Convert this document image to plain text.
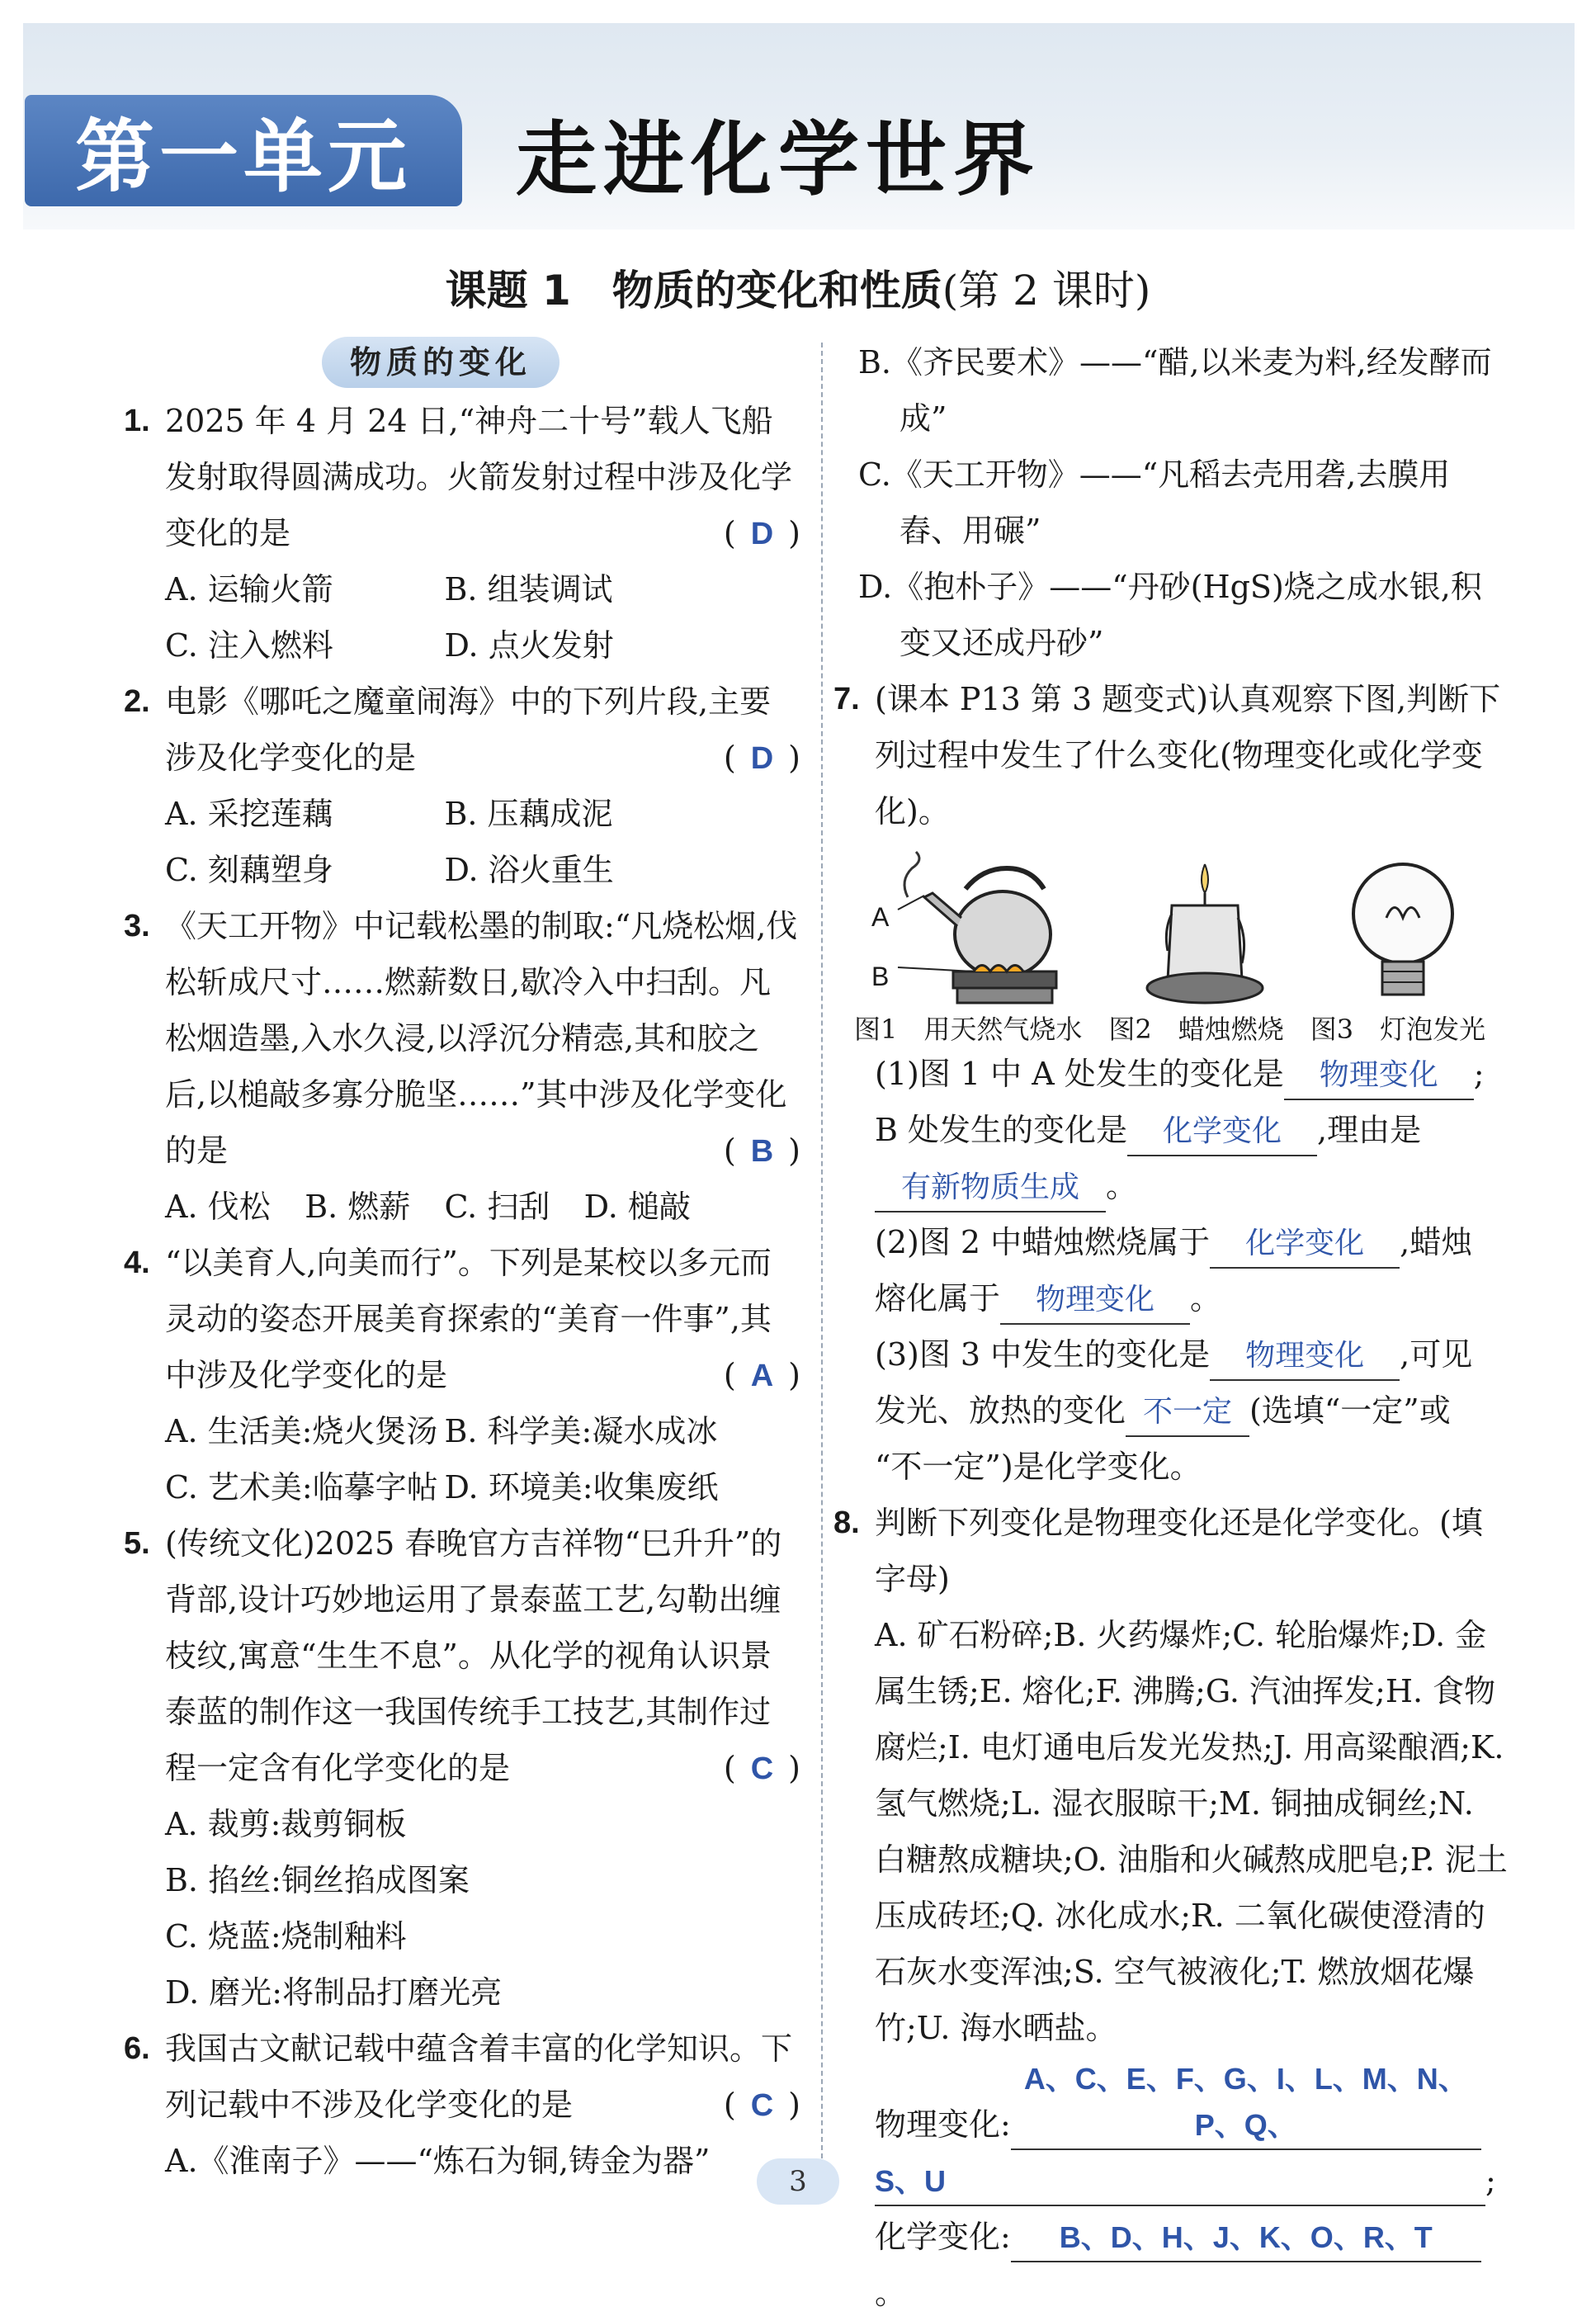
第一单元	走进化学世界
课题 1　物质的变化和性质(第 2 课时)
物质的变化
1. 2025 年 4 月 24 日,“神舟二十号”载人飞船发射取得圆满成功。火箭发射过程中涉及化学变化的是	( D )
A. 运输火箭	B. 组装调试
C. 注入燃料	D. 点火发射
2. 电影《哪吒之魔童闹海》中的下列片段,主要涉及化学变化的是	( D )
A. 采挖莲藕	B. 压藕成泥
C. 刻藕塑身	D. 浴火重生
3. 《天工开物》中记载松墨的制取:“凡烧松烟,伐松斩成尺寸……燃薪数日,歇冷入中扫刮。凡松烟造墨,入水久浸,以浮沉分精悫,其和胶之后,以槌敲多寡分脆坚……”其中涉及化学变化的是	( B )
A. 伐松	B. 燃薪	C. 扫刮	D. 槌敲
4. “以美育人,向美而行”。下列是某校以多元而灵动的姿态开展美育探索的“美育一件事”,其中涉及化学变化的是	( A )
A. 生活美:烧火煲汤 B. 科学美:凝水成冰
C. 艺术美:临摹字帖 D. 环境美:收集废纸
5. (传统文化)2025 春晚官方吉祥物“巳升升”的背部,设计巧妙地运用了景泰蓝工艺,勾勒出缠枝纹,寓意“生生不息”。从化学的视角认识景泰蓝的制作这一我国传统手工技艺,其制作过程一定含有化学变化的是	( C )
A. 裁剪:裁剪铜板
B. 掐丝:铜丝掐成图案
C. 烧蓝:烧制釉料
D. 磨光:将制品打磨光亮
6. 我国古文献记载中蕴含着丰富的化学知识。下列记载中不涉及化学变化的是	( C )
A.《淮南子》——“炼石为铜,铸金为器”
B.《齐民要术》——“醋,以米麦为料,经发酵而成”
C.《天工开物》——“凡稻去壳用砻,去膜用舂、用碾”
D.《抱朴子》——“丹砂(HgS)烧之成水银,积变又还成丹砂”
7. (课本 P13 第 3 题变式)认真观察下图,判断下列过程中发生了什么变化(物理变化或化学变化)。
A
B
图1　用天然气烧水　图2　蜡烛燃烧　图3　灯泡发光
(1)图 1 中 A 处发生的变化是 物理变化 ;
B 处发生的变化是 化学变化 ,理由是
有新物质生成 。
(2)图 2 中蜡烛燃烧属于 化学变化 ,蜡烛
熔化属于 物理变化 。
(3)图 3 中发生的变化是 物理变化 ,可见
发光、放热的变化 不一定 (选填“一定”或
“不一定”)是化学变化。
8. 判断下列变化是物理变化还是化学变化。(填字母)
A. 矿石粉碎;B. 火药爆炸;C. 轮胎爆炸;D. 金属生锈;E. 熔化;F. 沸腾;G. 汽油挥发;H. 食物腐烂;I. 电灯通电后发光发热;J. 用高粱酿酒;K. 氢气燃烧;L. 湿衣服晾干;M. 铜抽成铜丝;N. 白糖熬成糖块;O. 油脂和火碱熬成肥皂;P. 泥土压成砖坯;Q. 冰化成水;R. 二氧化碳使澄清的石灰水变浑浊;S. 空气被液化;T. 燃放烟花爆竹;U. 海水晒盐。
物理变化:A、C、E、F、G、I、L、M、N、P、Q、
S、U	;
化学变化: B、D、H、J、K、O、R、T。
3
